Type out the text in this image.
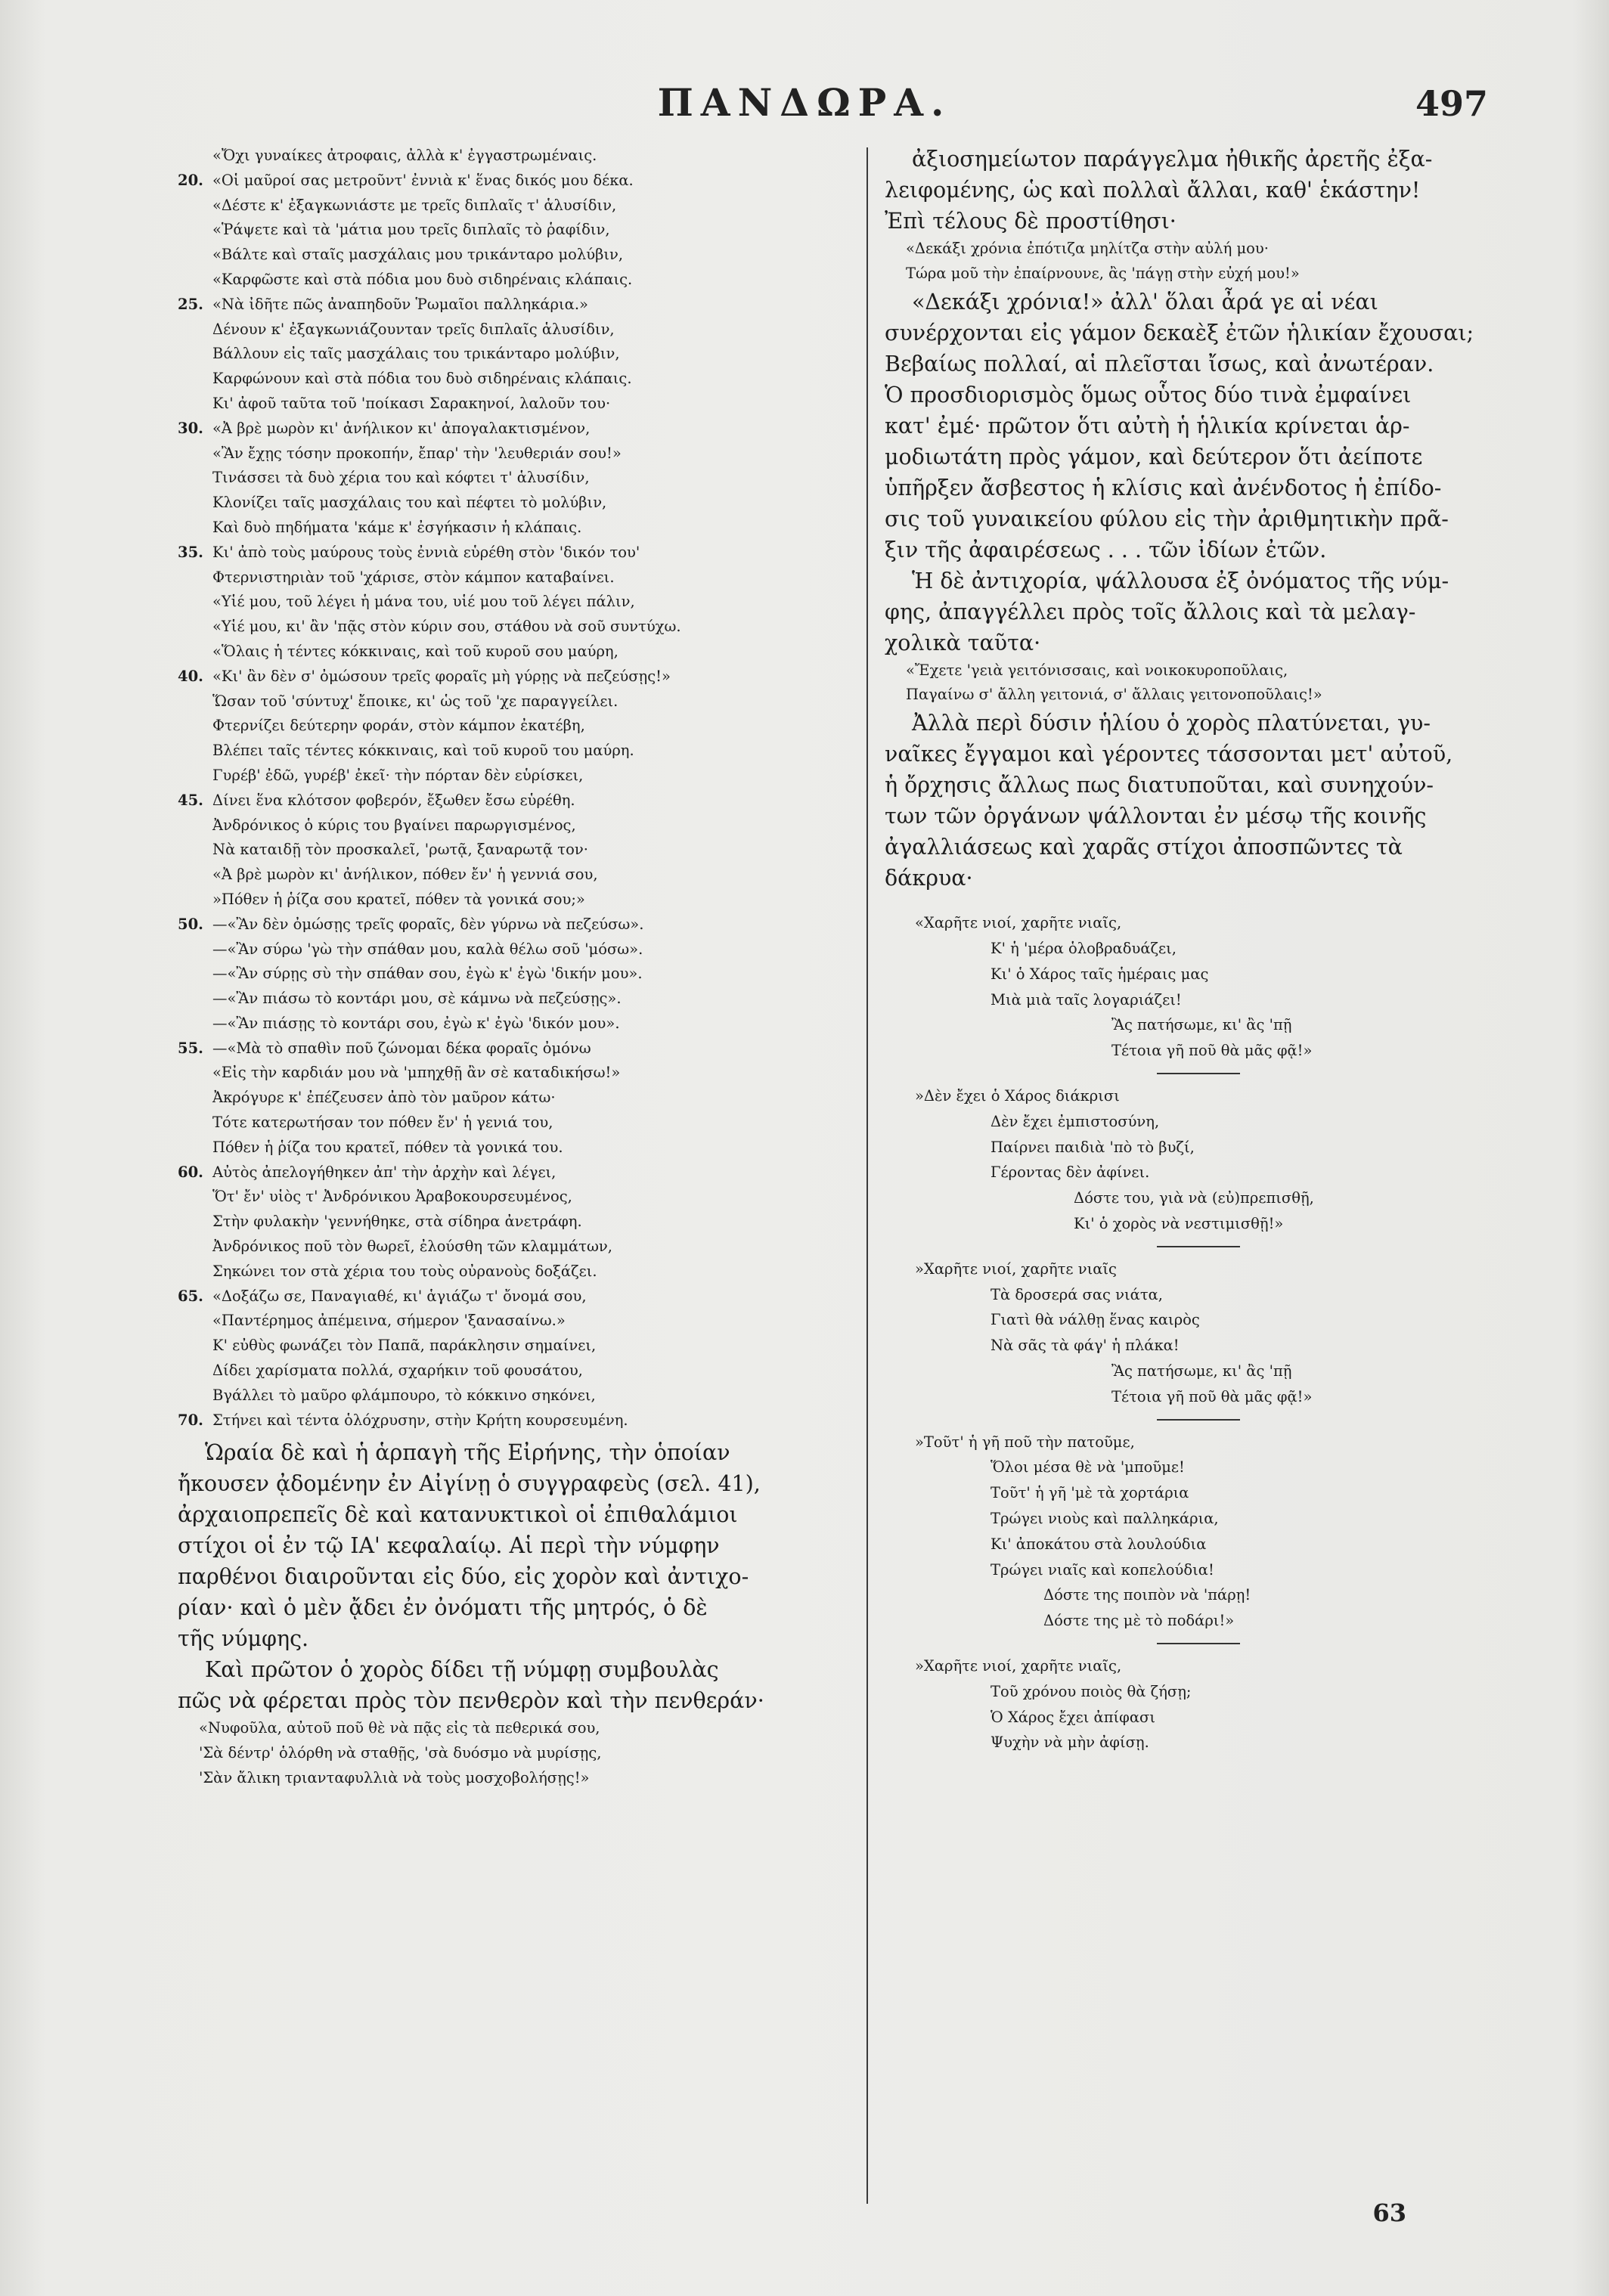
ΠΑΝΔΩΡΑ.	497
«Ὄχι γυναίκες ἀτροφαις, ἀλλὰ κ' ἐγγαστρωμέναις.
20. «Οἱ μαῦροί σας μετροῦντ' ἐννιὰ κ' ἕνας δικός μου δέκα.
«Δέστε κ' ἐξαγκωνιάστε με τρεῖς διπλαῖς τ' ἁλυσίδιν,
«Ῥάψετε καὶ τὰ 'μάτια μου τρεῖς διπλαῖς τὸ ῥαφίδιν,
«Βάλτε καὶ σταῖς μασχάλαις μου τρικάνταρο μολύβιν,
«Καρφῶστε καὶ στὰ πόδια μου δυὸ σιδηρέναις κλάπαις.
25. «Νὰ ἰδῆτε πῶς ἀναπηδοῦν Ῥωμαῖοι παλληκάρια.»
Δένουν κ' ἐξαγκωνιάζουνταν τρεῖς διπλαῖς ἁλυσίδιν,
Βάλλουν εἰς ταῖς μασχάλαις του τρικάνταρο μολύβιν,
Καρφώνουν καὶ στὰ πόδια του δυὸ σιδηρέναις κλάπαις.
Κι' ἀφοῦ ταῦτα τοῦ 'ποίκασι Σαρακηνοί, λαλοῦν του·
30. «Ἀ βρὲ μωρὸν κι' ἀνήλικον κι' ἀπογαλακτισμένον,
«Ἂν ἔχῃς τόσην προκοπήν, ἔπαρ' τὴν 'λευθεριάν σου!»
Τινάσσει τὰ δυὸ χέρια του καὶ κόφτει τ' ἁλυσίδιν,
Κλονίζει ταῖς μασχάλαις του καὶ πέφτει τὸ μολύβιν,
Καὶ δυὸ πηδήματα 'κάμε κ' ἐσγήκασιν ἡ κλάπαις.
35. Κι' ἀπὸ τοὺς μαύρους τοὺς ἐννιὰ εὑρέθη στὸν 'δικόν του'
Φτερνιστηριὰν τοῦ 'χάρισε, στὸν κάμπον καταβαίνει.
«Υἱέ μου, τοῦ λέγει ἡ μάνα του, υἱέ μου τοῦ λέγει πάλιν,
«Υἱέ μου, κι' ἂν 'πᾷς στὸν κύριν σου, στάθου νὰ σοῦ συντύχω.
«Ὅλαις ἡ τέντες κόκκιναις, καὶ τοῦ κυροῦ σου μαύρη,
40. «Κι' ἂν δὲν σ' ὀμώσουν τρεῖς φοραῖς μὴ γύρῃς νὰ πεζεύσῃς!»
Ὥσαν τοῦ 'σύντυχ' ἔποικε, κι' ὡς τοῦ 'χε παραγγείλει.
Φτερνίζει δεύτερην φοράν, στὸν κάμπον ἐκατέβη,
Βλέπει ταῖς τέντες κόκκιναις, καὶ τοῦ κυροῦ του μαύρη.
Γυρέβ' ἐδῶ, γυρέβ' ἐκεῖ· τὴν πόρταν δὲν εὑρίσκει,
45. Δίνει ἕνα κλότσον φοβερόν, ἔξωθεν ἔσω εὑρέθη.
Ἀνδρόνικος ὁ κύρις του βγαίνει παρωργισμένος,
Νὰ καταιδῇ τὸν προσκαλεῖ, 'ρωτᾷ, ξαναρωτᾷ τον·
«Ἀ βρὲ μωρὸν κι' ἀνήλικον, πόθεν ἔν' ἡ γεννιά σου,
»Πόθεν ἡ ῥίζα σου κρατεῖ, πόθεν τὰ γονικά σου;»
50. —«Ἂν δὲν ὀμώσῃς τρεῖς φοραῖς, δὲν γύρνω νὰ πεζεύσω».
—«Ἂν σύρω 'γὼ τὴν σπάθαν μου, καλὰ θέλω σοῦ 'μόσω».
—«Ἂν σύρῃς σὺ τὴν σπάθαν σου, ἐγὼ κ' ἐγὼ 'δικήν μου».
—«Ἂν πιάσω τὸ κοντάρι μου, σὲ κάμνω νὰ πεζεύσῃς».
—«Ἂν πιάσῃς τὸ κοντάρι σου, ἐγὼ κ' ἐγὼ 'δικόν μου».
55. —«Μὰ τὸ σπαθὶν ποῦ ζώνομαι δέκα φοραῖς ὀμόνω
«Εἰς τὴν καρδιάν μου νὰ 'μπηχθῇ ἂν σὲ καταδικήσω!»
Ἀκρόγυρε κ' ἐπέζευσεν ἀπὸ τὸν μαῦρον κάτω·
Τότε κατερωτήσαν τον πόθεν ἔν' ἡ γενιά του,
Πόθεν ἡ ῥίζα του κρατεῖ, πόθεν τὰ γονικά του.
60. Αὐτὸς ἀπελογήθηκεν ἀπ' τὴν ἀρχὴν καὶ λέγει,
Ὅτ' ἔν' υἱὸς τ' Ἀνδρόνικου Ἀραβοκουρσευμένος,
Στὴν φυλακὴν 'γεννήθηκε, στὰ σίδηρα ἀνετράφη.
Ἀνδρόνικος ποῦ τὸν θωρεῖ, ἐλούσθη τῶν κλαμμάτων,
Σηκώνει τον στὰ χέρια του τοὺς οὐρανοὺς δοξάζει.
65. «Δοξάζω σε, Παναγιαθέ, κι' ἁγιάζω τ' ὄνομά σου,
«Παντέρημος ἀπέμεινα, σήμερον 'ξανασαίνω.»
Κ' εὐθὺς φωνάζει τὸν Παπᾶ, παράκλησιν σημαίνει,
Δίδει χαρίσματα πολλά, σχαρήκιν τοῦ φουσάτου,
Βγάλλει τὸ μαῦρο φλάμπουρο, τὸ κόκκινο σηκόνει,
70. Στήνει καὶ τέντα ὁλόχρυσην, στὴν Κρήτη κουρσευμένη.
Ὡραία δὲ καὶ ἡ ἁρπαγὴ τῆς Εἰρήνης, τὴν ὁποίαν
ἤκουσεν ᾀδομένην ἐν Αἰγίνῃ ὁ συγγραφεὺς (σελ. 41),
ἀρχαιοπρεπεῖς δὲ καὶ κατανυκτικοὶ οἱ ἐπιθαλάμιοι
στίχοι οἱ ἐν τῷ ΙΑ' κεφαλαίῳ. Αἱ περὶ τὴν νύμφην
παρθένοι διαιροῦνται εἰς δύο, εἰς χορὸν καὶ ἀντιχο-
ρίαν· καὶ ὁ μὲν ᾄδει ἐν ὀνόματι τῆς μητρός, ὁ δὲ
τῆς νύμφης.
Καὶ πρῶτον ὁ χορὸς δίδει τῇ νύμφῃ συμβουλὰς
πῶς νὰ φέρεται πρὸς τὸν πενθερὸν καὶ τὴν πενθεράν·
«Νυφοῦλα, αὐτοῦ ποῦ θὲ νὰ πᾷς εἰς τὰ πεθερικά σου,
'Σὰ δέντρ' ὁλόρθη νὰ σταθῇς, 'σὰ δυόσμο νὰ μυρίσῃς,
'Σὰν ἄλικη τριανταφυλλιὰ νὰ τοὺς μοσχοβολήσῃς!»
ἀξιοσημείωτον παράγγελμα ἠθικῆς ἀρετῆς ἐξα-
λειφομένης, ὡς καὶ πολλαὶ ἄλλαι, καθ' ἑκάστην!
Ἐπὶ τέλους δὲ προστίθησι·
«Δεκάξι χρόνια ἐπότιζα μηλίτζα στὴν αὐλή μου·
Τώρα μοῦ τὴν ἐπαίρνουνε, ἂς 'πάγῃ στὴν εὐχή μου!»
«Δεκάξι χρόνια!» ἀλλ' ὅλαι ἆρά γε αἱ νέαι
συνέρχονται εἰς γάμον δεκαὲξ ἐτῶν ἡλικίαν ἔχουσαι;
Βεβαίως πολλαί, αἱ πλεῖσται ἴσως, καὶ ἀνωτέραν.
Ὁ προσδιορισμὸς ὅμως οὗτος δύο τινὰ ἐμφαίνει
κατ' ἐμέ· πρῶτον ὅτι αὐτὴ ἡ ἡλικία κρίνεται ἁρ-
μοδιωτάτη πρὸς γάμον, καὶ δεύτερον ὅτι ἀείποτε
ὑπῆρξεν ἄσβεστος ἡ κλίσις καὶ ἀνένδοτος ἡ ἐπίδο-
σις τοῦ γυναικείου φύλου εἰς τὴν ἀριθμητικὴν πρᾶ-
ξιν τῆς ἀφαιρέσεως . . . τῶν ἰδίων ἐτῶν.
Ἡ δὲ ἀντιχορία, ψάλλουσα ἐξ ὀνόματος τῆς νύμ-
φης, ἀπαγγέλλει πρὸς τοῖς ἄλλοις καὶ τὰ μελαγ-
χολικὰ ταῦτα·
«Ἔχετε 'γειὰ γειτόνισσαις, καὶ νοικοκυροποῦλαις,
Παγαίνω σ' ἄλλη γειτονιά, σ' ἄλλαις γειτονοποῦλαις!»
Ἀλλὰ περὶ δύσιν ἡλίου ὁ χορὸς πλατύνεται, γυ-
ναῖκες ἔγγαμοι καὶ γέροντες τάσσονται μετ' αὐτοῦ,
ἡ ὄρχησις ἄλλως πως διατυποῦται, καὶ συνηχούν-
των τῶν ὀργάνων ψάλλονται ἐν μέσῳ τῆς κοινῆς
ἀγαλλιάσεως καὶ χαρᾶς στίχοι ἀποσπῶντες τὰ
δάκρυα·
«Χαρῆτε νιοί, χαρῆτε νιαῖς,
Κ' ἡ 'μέρα ὁλοβραδυάζει,
Κι' ὁ Χάρος ταῖς ἡμέραις μας
Μιὰ μιὰ ταῖς λογαριάζει!
Ἂς πατήσωμε, κι' ἂς 'πῇ
Τέτοια γῆ ποῦ θὰ μᾶς φᾷ!»
»Δὲν ἔχει ὁ Χάρος διάκρισι
Δὲν ἔχει ἐμπιστοσύνη,
Παίρνει παιδιὰ 'πὸ τὸ βυζί,
Γέροντας δὲν ἀφίνει.
Δόστε του, γιὰ νὰ (εὐ)πρεπισθῇ,
Κι' ὁ χορὸς νὰ νεστιμισθῇ!»
»Χαρῆτε νιοί, χαρῆτε νιαῖς
Τὰ δροσερά σας νιάτα,
Γιατὶ θὰ νάλθῃ ἕνας καιρὸς
Νὰ σᾶς τὰ φάγ' ἡ πλάκα!
Ἂς πατήσωμε, κι' ἂς 'πῇ
Τέτοια γῆ ποῦ θὰ μᾶς φᾷ!»
»Τοῦτ' ἡ γῆ ποῦ τὴν πατοῦμε,
Ὅλοι μέσα θὲ νὰ 'μποῦμε!
Τοῦτ' ἡ γῆ 'μὲ τὰ χορτάρια
Τρώγει νιοὺς καὶ παλληκάρια,
Κι' ἀποκάτου στὰ λουλούδια
Τρώγει νιαῖς καὶ κοπελούδια!
Δόστε της ποιπὸν νὰ 'πάρῃ!
Δόστε της μὲ τὸ ποδάρι!»
»Χαρῆτε νιοί, χαρῆτε νιαῖς,
Τοῦ χρόνου ποιὸς θὰ ζήσῃ;
Ὁ Χάρος ἔχει ἀπίφασι
Ψυχὴν νὰ μὴν ἀφίσῃ.
63
